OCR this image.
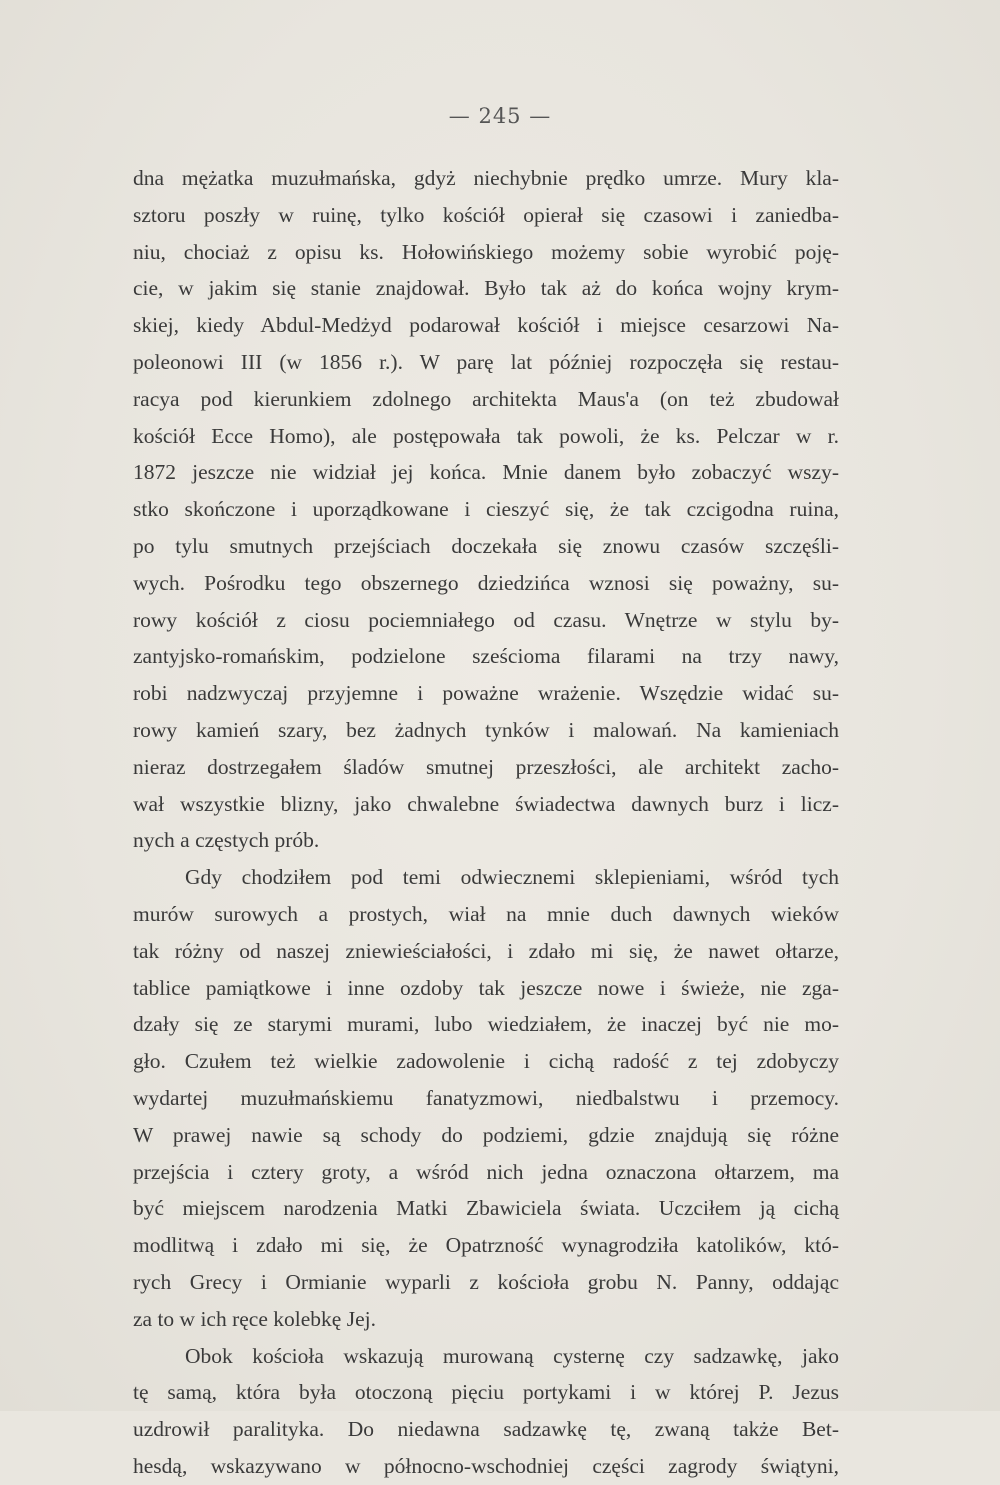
— 245 —
dna mężatka muzułmańska, gdyż niechybnie prędko umrze. Mury kla-
sztoru poszły w ruinę, tylko kościół opierał się czasowi i zaniedba-
niu, chociaż z opisu ks. Hołowińskiego możemy sobie wyrobić poję-
cie, w jakim się stanie znajdował. Było tak aż do końca wojny krym-
skiej, kiedy Abdul-Medżyd podarował kościół i miejsce cesarzowi Na-
poleonowi III (w 1856 r.). W parę lat później rozpoczęła się restau-
racya pod kierunkiem zdolnego architekta Maus'a (on też zbudował
kościół Ecce Homo), ale postępowała tak powoli, że ks. Pelczar w r.
1872 jeszcze nie widział jej końca. Mnie danem było zobaczyć wszy-
stko skończone i uporządkowane i cieszyć się, że tak czcigodna ruina,
po tylu smutnych przejściach doczekała się znowu czasów szczęśli-
wych. Pośrodku tego obszernego dziedzińca wznosi się poważny, su-
rowy kościół z ciosu pociemniałego od czasu. Wnętrze w stylu by-
zantyjsko-romańskim, podzielone sześcioma filarami na trzy nawy,
robi nadzwyczaj przyjemne i poważne wrażenie. Wszędzie widać su-
rowy kamień szary, bez żadnych tynków i malowań. Na kamieniach
nieraz dostrzegałem śladów smutnej przeszłości, ale architekt zacho-
wał wszystkie blizny, jako chwalebne świadectwa dawnych burz i licz-
nych a częstych prób.
Gdy chodziłem pod temi odwiecznemi sklepieniami, wśród tych
murów surowych a prostych, wiał na mnie duch dawnych wieków
tak różny od naszej zniewieściałości, i zdało mi się, że nawet ołtarze,
tablice pamiątkowe i inne ozdoby tak jeszcze nowe i świeże, nie zga-
dzały się ze starymi murami, lubo wiedziałem, że inaczej być nie mo-
gło. Czułem też wielkie zadowolenie i cichą radość z tej zdobyczy
wydartej muzułmańskiemu fanatyzmowi, niedbalstwu i przemocy.
W prawej nawie są schody do podziemi, gdzie znajdują się różne
przejścia i cztery groty, a wśród nich jedna oznaczona ołtarzem, ma
być miejscem narodzenia Matki Zbawiciela świata. Uczciłem ją cichą
modlitwą i zdało mi się, że Opatrzność wynagrodziła katolików, któ-
rych Grecy i Ormianie wyparli z kościoła grobu N. Panny, oddając
za to w ich ręce kolebkę Jej.
Obok kościoła wskazują murowaną cysternę czy sadzawkę, jako
tę samą, która była otoczoną pięciu portykami i w której P. Jezus
uzdrowił paralityka. Do niedawna sadzawkę tę, zwaną także Bet-
hesdą, wskazywano w północno-wschodniej części zagrody świątyni,
